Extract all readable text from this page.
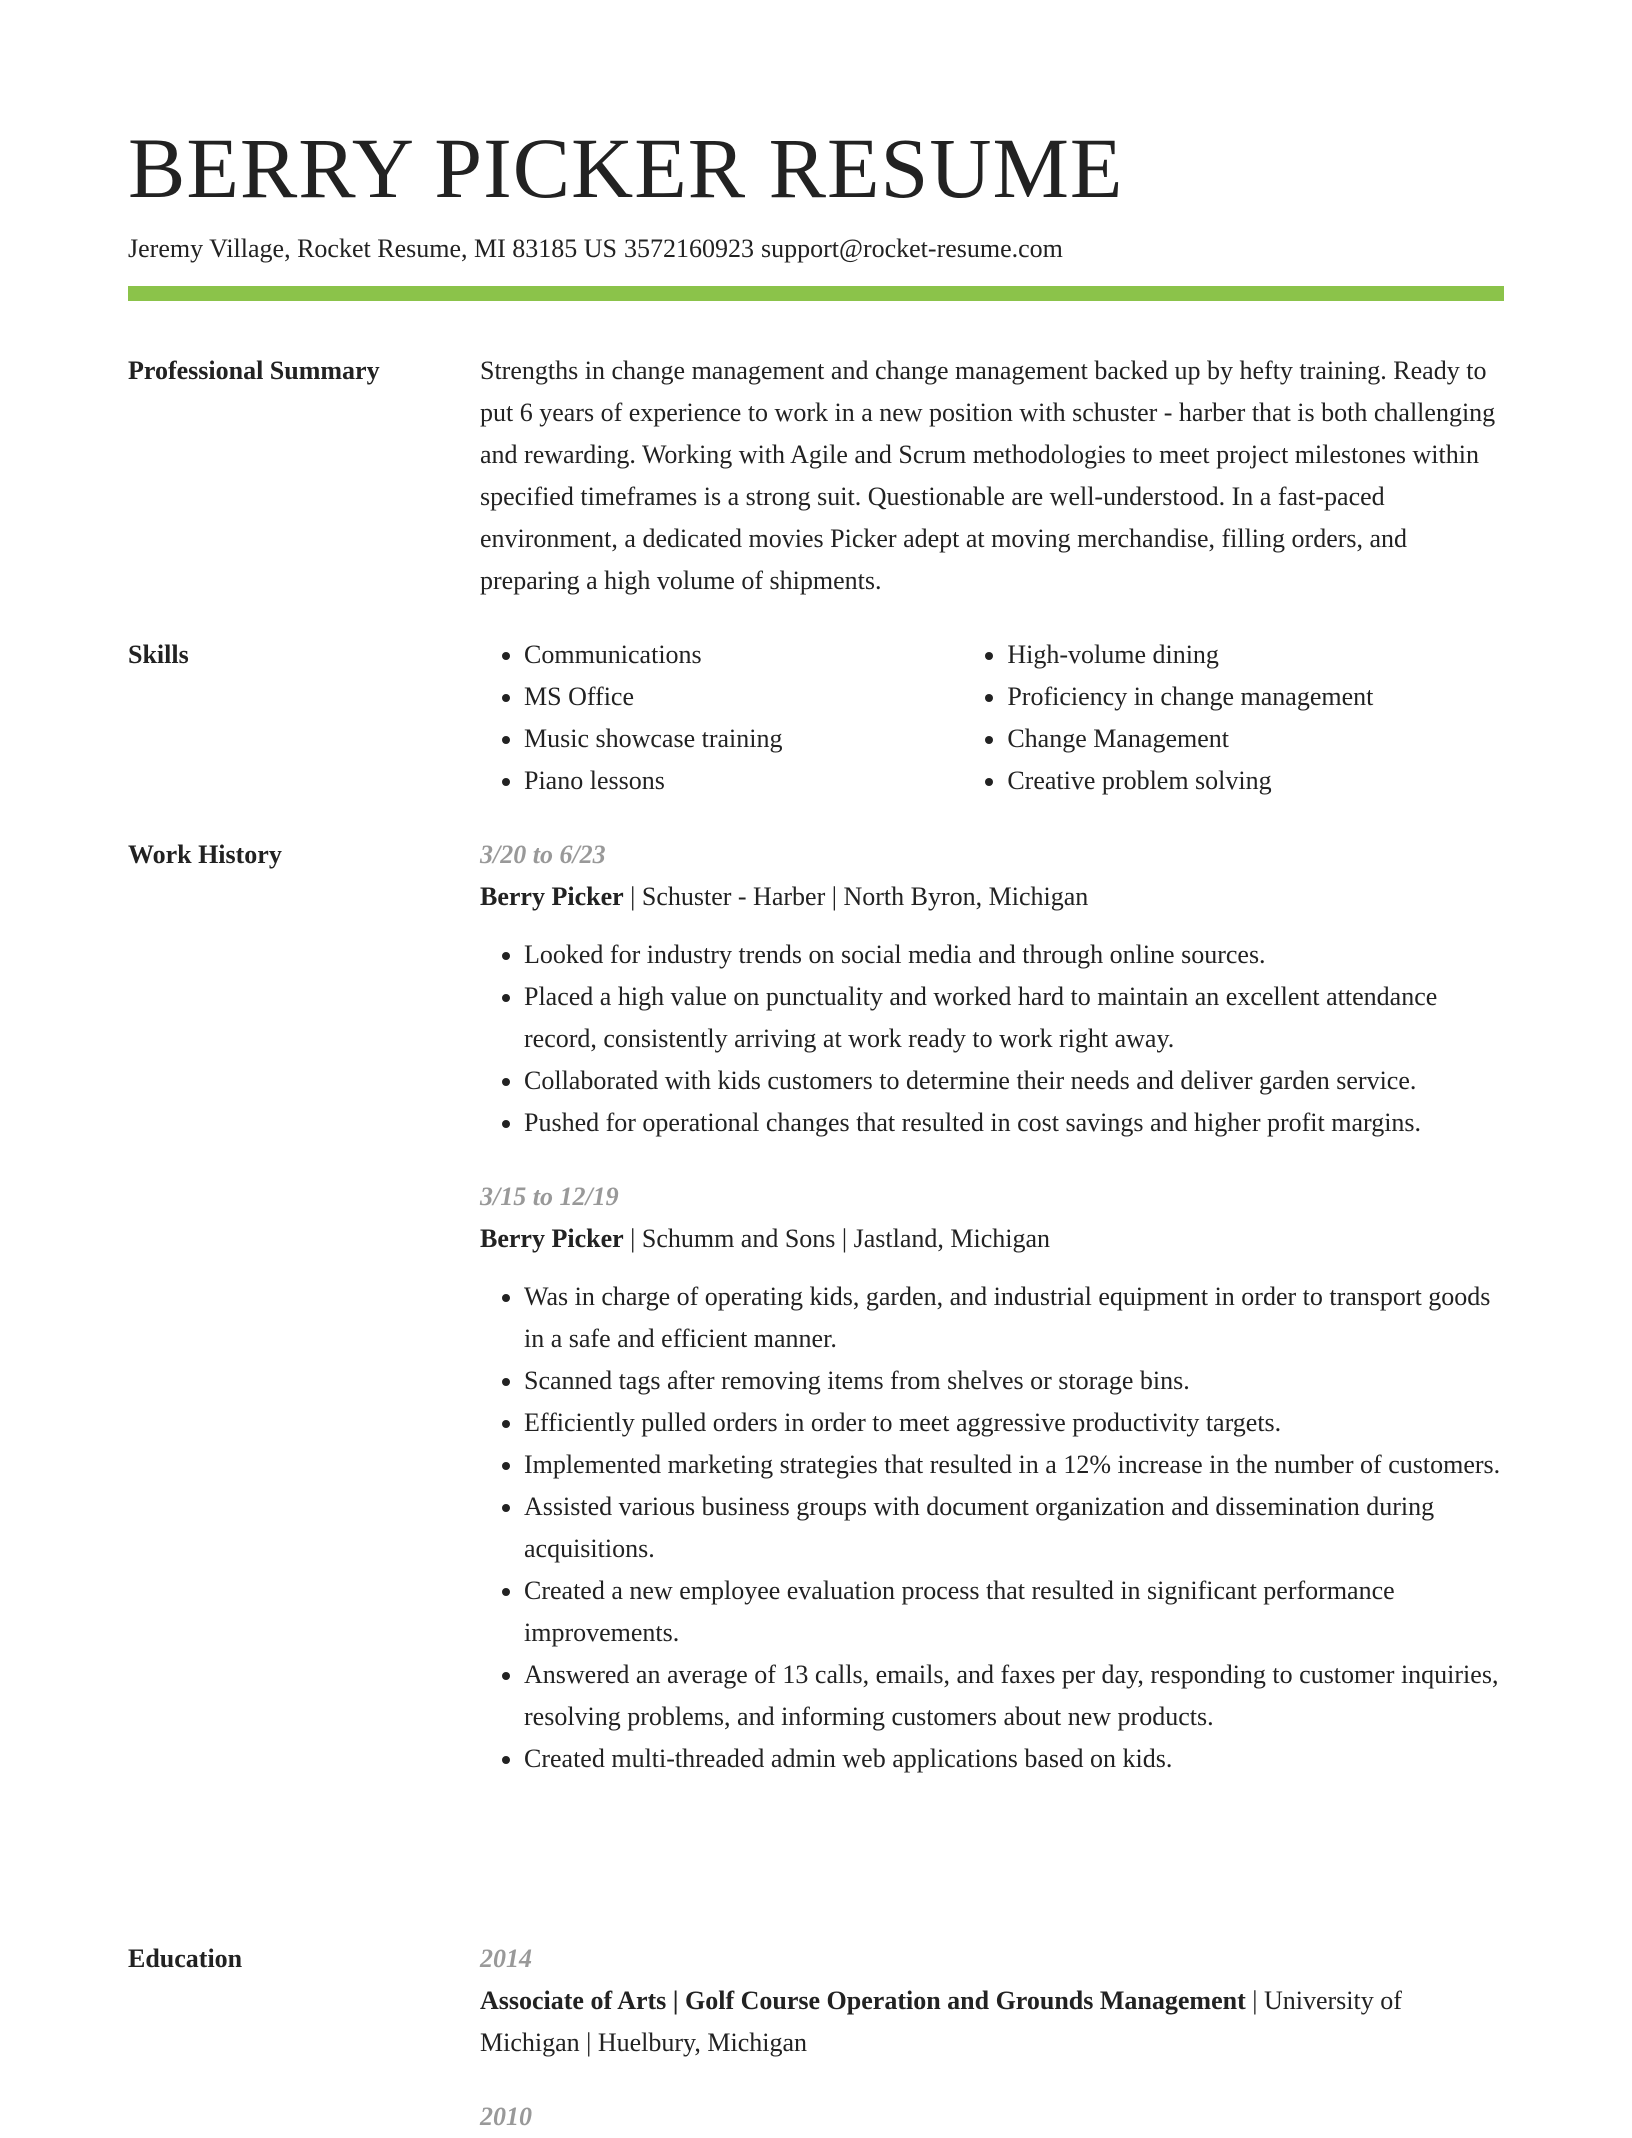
BERRY PICKER RESUME
Jeremy Village, Rocket Resume, MI 83185 US 3572160923 support@rocket-resume.com
Professional Summary	Strengths in change management and change management backed up by hefty training. Ready to put 6 years of experience to work in a new position with schuster - harber that is both challenging and rewarding. Working with Agile and Scrum methodologies to meet project milestones within specified timeframes is a strong suit. Questionable are well-understood. In a fast-paced environment, a dedicated movies Picker adept at moving merchandise, filling orders, and preparing a high volume of shipments.

Skills
•	Communications
• MS Office
• Music showcase training
• Piano lessons
• High-volume dining
• Proficiency in change management
• Change Management
• Creative problem solving
Work History	3/20 to 6/23
Berry Picker | Schuster - Harber | North Byron, Michigan
• Looked for industry trends on social media and through online sources.
• Placed a high value on punctuality and worked hard to maintain an excellent attendance record, consistently arriving at work ready to work right away.
• Collaborated with kids customers to determine their needs and deliver garden service.
• Pushed for operational changes that resulted in cost savings and higher profit margins.
3/15 to 12/19
Berry Picker | Schumm and Sons | Jastland, Michigan
• Was in charge of operating kids, garden, and industrial equipment in order to transport goods in a safe and efficient manner.
• Scanned tags after removing items from shelves or storage bins.
• Efficiently pulled orders in order to meet aggressive productivity targets.
• Implemented marketing strategies that resulted in a 12% increase in the number of customers.
• Assisted various business groups with document organization and dissemination during acquisitions.
• Created a new employee evaluation process that resulted in significant performance improvements.
• Answered an average of 13 calls, emails, and faxes per day, responding to customer inquiries, resolving problems, and informing customers about new products.
• Created multi-threaded admin web applications based on kids.
Education	2014
Associate of Arts | Golf Course Operation and Grounds Management | University of Michigan | Huelbury, Michigan
2010
